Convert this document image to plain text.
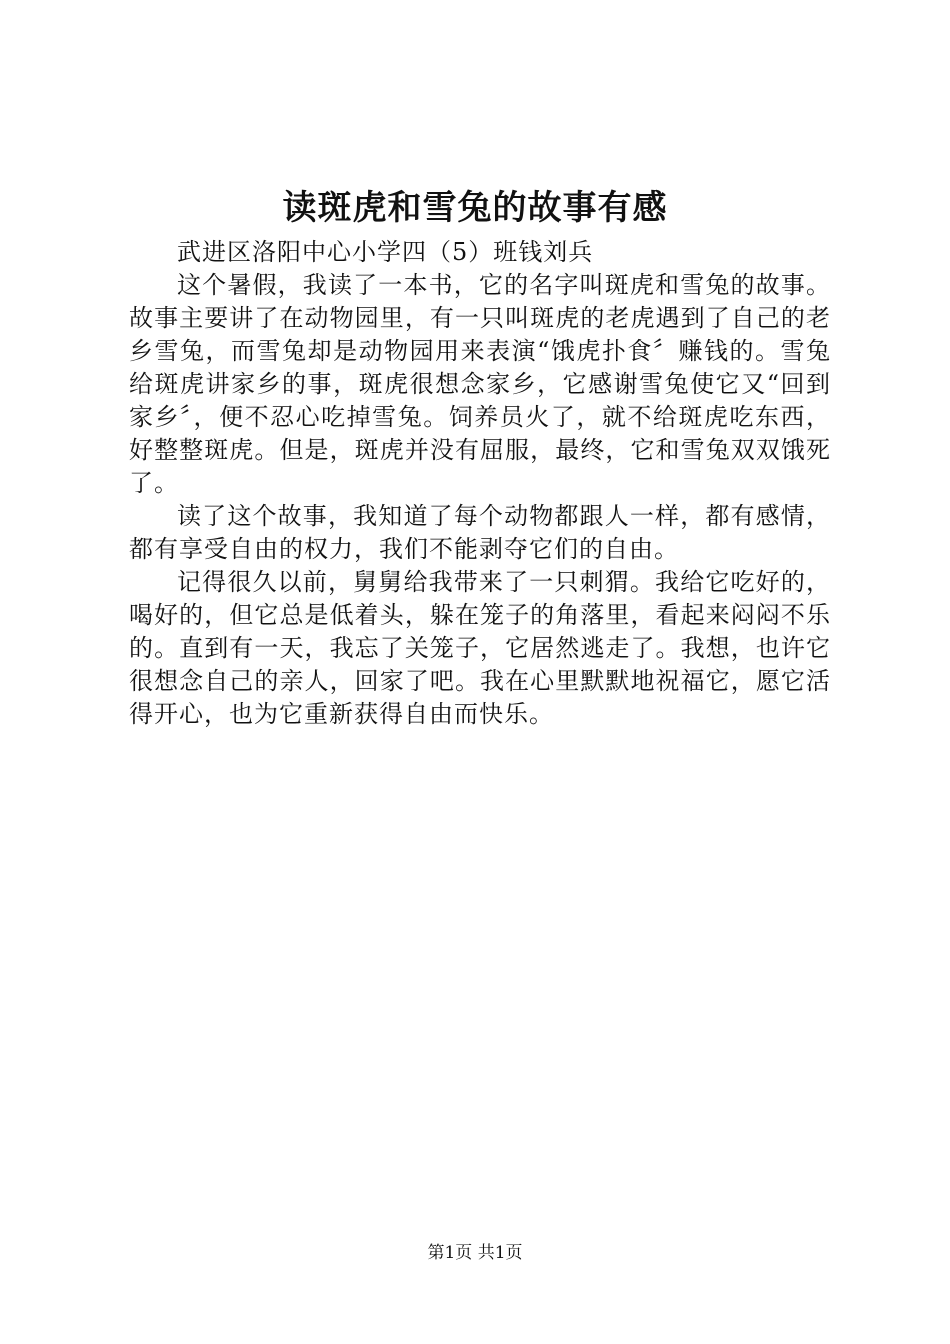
读斑虎和雪兔的故事有感

武进区洛阳中心小学四（5）班钱刘兵

这个暑假，我读了一本书，它的名字叫斑虎和雪兔的故事。故事主要讲了在动物园里，有一只叫斑虎的老虎遇到了自己的老乡雪兔，而雪兔却是动物园用来表演“饿虎扑食〞赚钱的。雪兔给斑虎讲家乡的事，斑虎很想念家乡，它感谢雪兔使它又“回到家乡〞，便不忍心吃掉雪兔。饲养员火了，就不给斑虎吃东西，好整整斑虎。但是，斑虎并没有屈服，最终，它和雪兔双双饿死了。

读了这个故事，我知道了每个动物都跟人一样，都有感情，都有享受自由的权力，我们不能剥夺它们的自由。

记得很久以前，舅舅给我带来了一只刺猬。我给它吃好的，喝好的，但它总是低着头，躲在笼子的角落里，看起来闷闷不乐的。直到有一天，我忘了关笼子，它居然逃走了。我想，也许它很想念自己的亲人，回家了吧。我在心里默默地祝福它，愿它活得开心，也为它重新获得自由而快乐。

第1页 共1页
